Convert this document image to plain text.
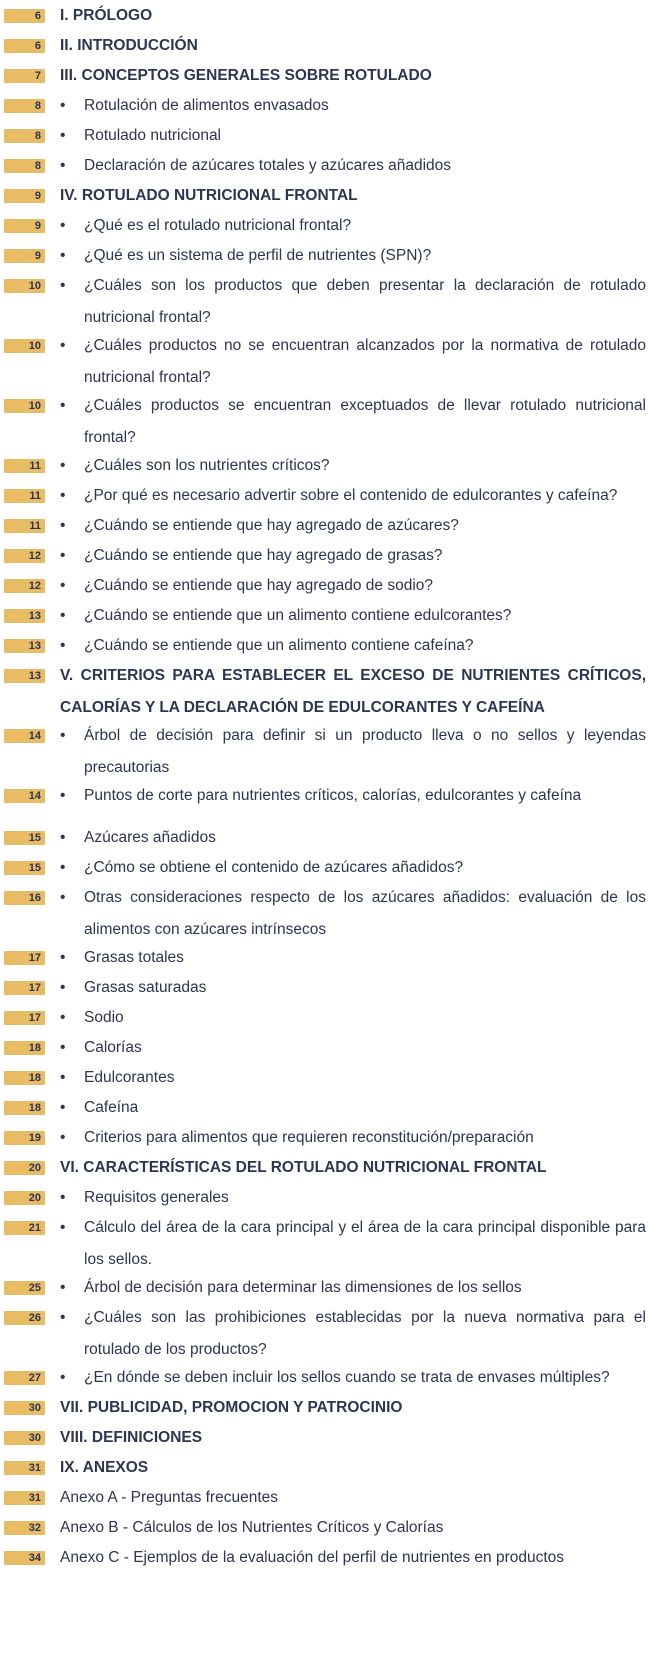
6 I. PRÓLOGO
6 II. INTRODUCCIÓN
7 III. CONCEPTOS GENERALES SOBRE ROTULADO
8 •	Rotulación de alimentos envasados
8 •	Rotulado nutricional
8 •	Declaración de azúcares totales y azúcares añadidos
9 IV. ROTULADO NUTRICIONAL FRONTAL
9 •	¿Qué es el rotulado nutricional frontal?
9 •	¿Qué es un sistema de perfil de nutrientes (SPN)?
10 •	¿Cuáles son los productos que deben presentar la declaración de rotulado nutricional frontal?
10 •	¿Cuáles productos no se encuentran alcanzados por la normativa de rotulado nutricional frontal?
10 •	¿Cuáles productos se encuentran exceptuados de llevar rotulado nutricional frontal?
11 •	¿Cuáles son los nutrientes críticos?
11 •	¿Por qué es necesario advertir sobre el contenido de edulcorantes y cafeína?
11 •	¿Cuándo se entiende que hay agregado de azúcares?
12 •	¿Cuándo se entiende que hay agregado de grasas?
12 •	¿Cuándo se entiende que hay agregado de sodio?
13 •	¿Cuándo se entiende que un alimento contiene edulcorantes?
13 •	¿Cuándo se entiende que un alimento contiene cafeína?
13 V. CRITERIOS PARA ESTABLECER EL EXCESO DE NUTRIENTES CRÍTICOS, CALORÍAS Y LA DECLARACIÓN DE EDULCORANTES Y CAFEÍNA
14 •	Árbol de decisión para definir si un producto lleva o no sellos y leyendas precautorias
14 •	Puntos de corte para nutrientes críticos, calorías, edulcorantes y cafeína
15 •	Azúcares añadidos
15 •	¿Cómo se obtiene el contenido de azúcares añadidos?
16 •	Otras consideraciones respecto de los azúcares añadidos: evaluación de los alimentos con azúcares intrínsecos
17 •	Grasas totales
17 •	Grasas saturadas
17 •	Sodio
18 •	Calorías
18 •	Edulcorantes
18 •	Cafeína
19 •	Criterios para alimentos que requieren reconstitución/preparación
20 VI. CARACTERÍSTICAS DEL ROTULADO NUTRICIONAL FRONTAL
20 •	Requisitos generales
21 •	Cálculo del área de la cara principal y el área de la cara principal disponible para los sellos.
25 •	Árbol de decisión para determinar las dimensiones de los sellos
26 •	¿Cuáles son las prohibiciones establecidas por la nueva normativa para el rotulado de los productos?
27 •	¿En dónde se deben incluir los sellos cuando se trata de envases múltiples?
30 VII. PUBLICIDAD, PROMOCION Y PATROCINIO
30 VIII. DEFINICIONES
31 IX. ANEXOS
31 Anexo A - Preguntas frecuentes
32 Anexo B - Cálculos de los Nutrientes Críticos y Calorías
34 Anexo C - Ejemplos de la evaluación del perfil de nutrientes en productos
